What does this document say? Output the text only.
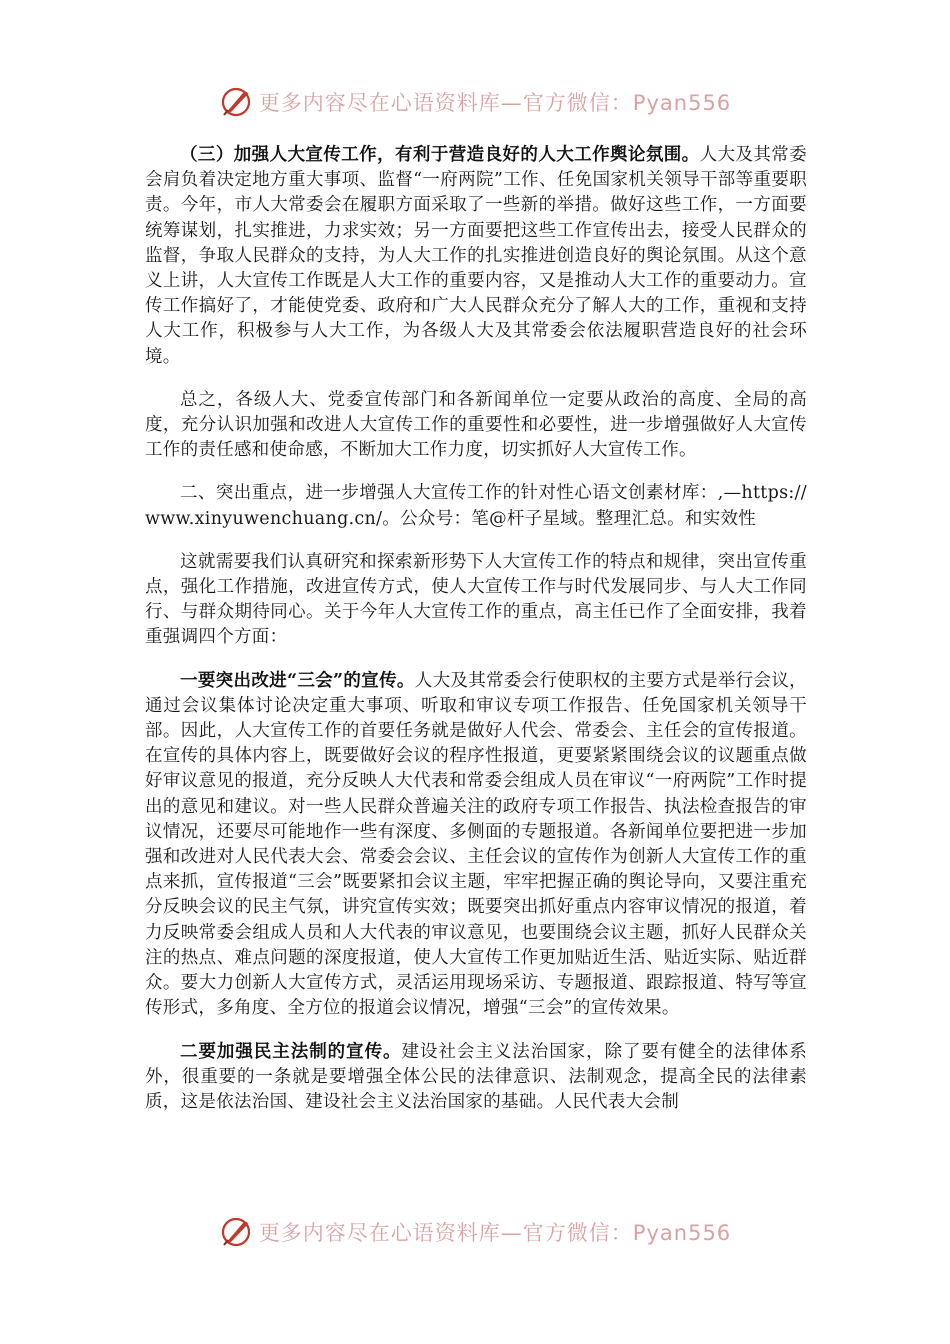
更多内容尽在心语资料库—官方微信：Pyan556

（三）加强人大宣传工作，有利于营造良好的人大工作舆论氛围。人大及其常委会肩负着决定地方重大事项、监督“一府两院”工作、任免国家机关领导干部等重要职责。今年，市人大常委会在履职方面采取了一些新的举措。做好这些工作，一方面要统筹谋划，扎实推进，力求实效；另一方面要把这些工作宣传出去，接受人民群众的监督，争取人民群众的支持，为人大工作的扎实推进创造良好的舆论氛围。从这个意义上讲，人大宣传工作既是人大工作的重要内容，又是推动人大工作的重要动力。宣传工作搞好了，才能使党委、政府和广大人民群众充分了解人大的工作，重视和支持人大工作，积极参与人大工作，为各级人大及其常委会依法履职营造良好的社会环境。

总之，各级人大、党委宣传部门和各新闻单位一定要从政治的高度、全局的高度，充分认识加强和改进人大宣传工作的重要性和必要性，进一步增强做好人大宣传工作的责任感和使命感，不断加大工作力度，切实抓好人大宣传工作。

二、突出重点，进一步增强人大宣传工作的针对性心语文创素材库：,—https://www.xinyuwenchuang.cn/。公众号：笔@杆子星域。整理汇总。和实效性

这就需要我们认真研究和探索新形势下人大宣传工作的特点和规律，突出宣传重点，强化工作措施，改进宣传方式，使人大宣传工作与时代发展同步、与人大工作同行、与群众期待同心。关于今年人大宣传工作的重点，高主任已作了全面安排，我着重强调四个方面：

一要突出改进“三会”的宣传。人大及其常委会行使职权的主要方式是举行会议，通过会议集体讨论决定重大事项、听取和审议专项工作报告、任免国家机关领导干部。因此，人大宣传工作的首要任务就是做好人代会、常委会、主任会的宣传报道。在宣传的具体内容上，既要做好会议的程序性报道，更要紧紧围绕会议的议题重点做好审议意见的报道，充分反映人大代表和常委会组成人员在审议“一府两院”工作时提出的意见和建议。对一些人民群众普遍关注的政府专项工作报告、执法检查报告的审议情况，还要尽可能地作一些有深度、多侧面的专题报道。各新闻单位要把进一步加强和改进对人民代表大会、常委会会议、主任会议的宣传作为创新人大宣传工作的重点来抓，宣传报道“三会”既要紧扣会议主题，牢牢把握正确的舆论导向，又要注重充分反映会议的民主气氛，讲究宣传实效；既要突出抓好重点内容审议情况的报道，着力反映常委会组成人员和人大代表的审议意见，也要围绕会议主题，抓好人民群众关注的热点、难点问题的深度报道，使人大宣传工作更加贴近生活、贴近实际、贴近群众。要大力创新人大宣传方式，灵活运用现场采访、专题报道、跟踪报道、特写等宣传形式，多角度、全方位的报道会议情况，增强“三会”的宣传效果。

二要加强民主法制的宣传。建设社会主义法治国家，除了要有健全的法律体系外，很重要的一条就是要增强全体公民的法律意识、法制观念，提高全民的法律素质，这是依法治国、建设社会主义法治国家的基础。人民代表大会制

更多内容尽在心语资料库—官方微信：Pyan556
